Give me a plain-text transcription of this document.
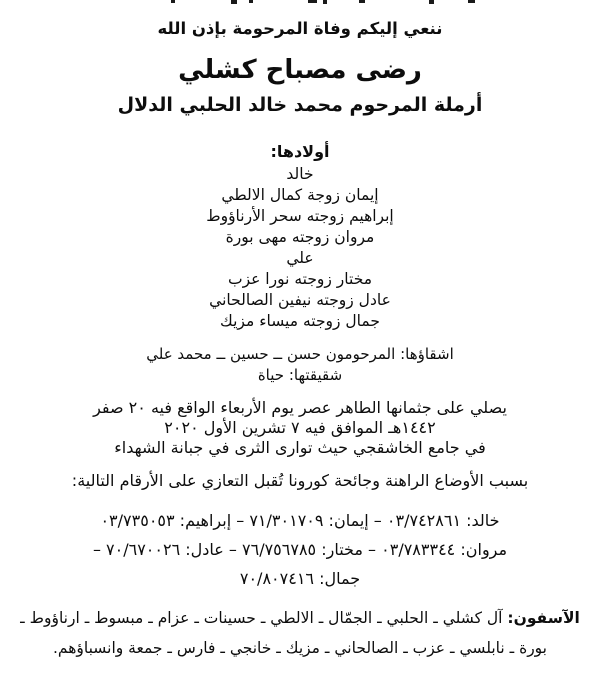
ننعي إليكم وفاة المرحومة بإذن الله
رضى مصباح كشلي
أرملة المرحوم محمد خالد الحلبي الدلال
أولادها:
خالد
إيمان زوجة كمال الالطي
إبراهيم زوجته سحر الأرناؤوط
مروان زوجته مهى بورة
علي
مختار زوجته نورا عزب
عادل زوجته نيفين الصالحاني
جمال زوجته ميساء مزيك
اشقاؤها: المرحومون حسن ــ حسين ــ محمد علي
شقيقتها: حياة
يصلي على جثمانها الطاهر عصر يوم الأربعاء الواقع فيه ٢٠ صفر
١٤٤٢هـ الموافق فيه ٧ تشرين الأول ٢٠٢٠
في جامع الخاشقجي حيث توارى الثرى في جبانة الشهداء
بسبب الأوضاع الراهنة وجائحة كورونا تُقبل التعازي على الأرقام التالية:
خالد: ٠٣/٧٤٢٨٦١ – إيمان: ٧١/٣٠١٧٠٩ – إبراهيم: ٠٣/٧٣٥٠٥٣
مروان: ٠٣/٧٨٣٣٤٤ – مختار: ٧٦/٧٥٦٧٨٥ – عادل: ٧٠/٦٧٠٠٢٦ –
جمال: ٧٠/٨٠٧٤١٦
الآسفون: آل كشلي ـ الحلبي ـ الجمّال ـ الالطي ـ حسينات ـ عزام ـ مبسوط ـ ارناؤوط ـ
بورة ـ نابلسي ـ عزب ـ الصالحاني ـ مزيك ـ خانجي ـ فارس ـ جمعة وانسباؤهم.
